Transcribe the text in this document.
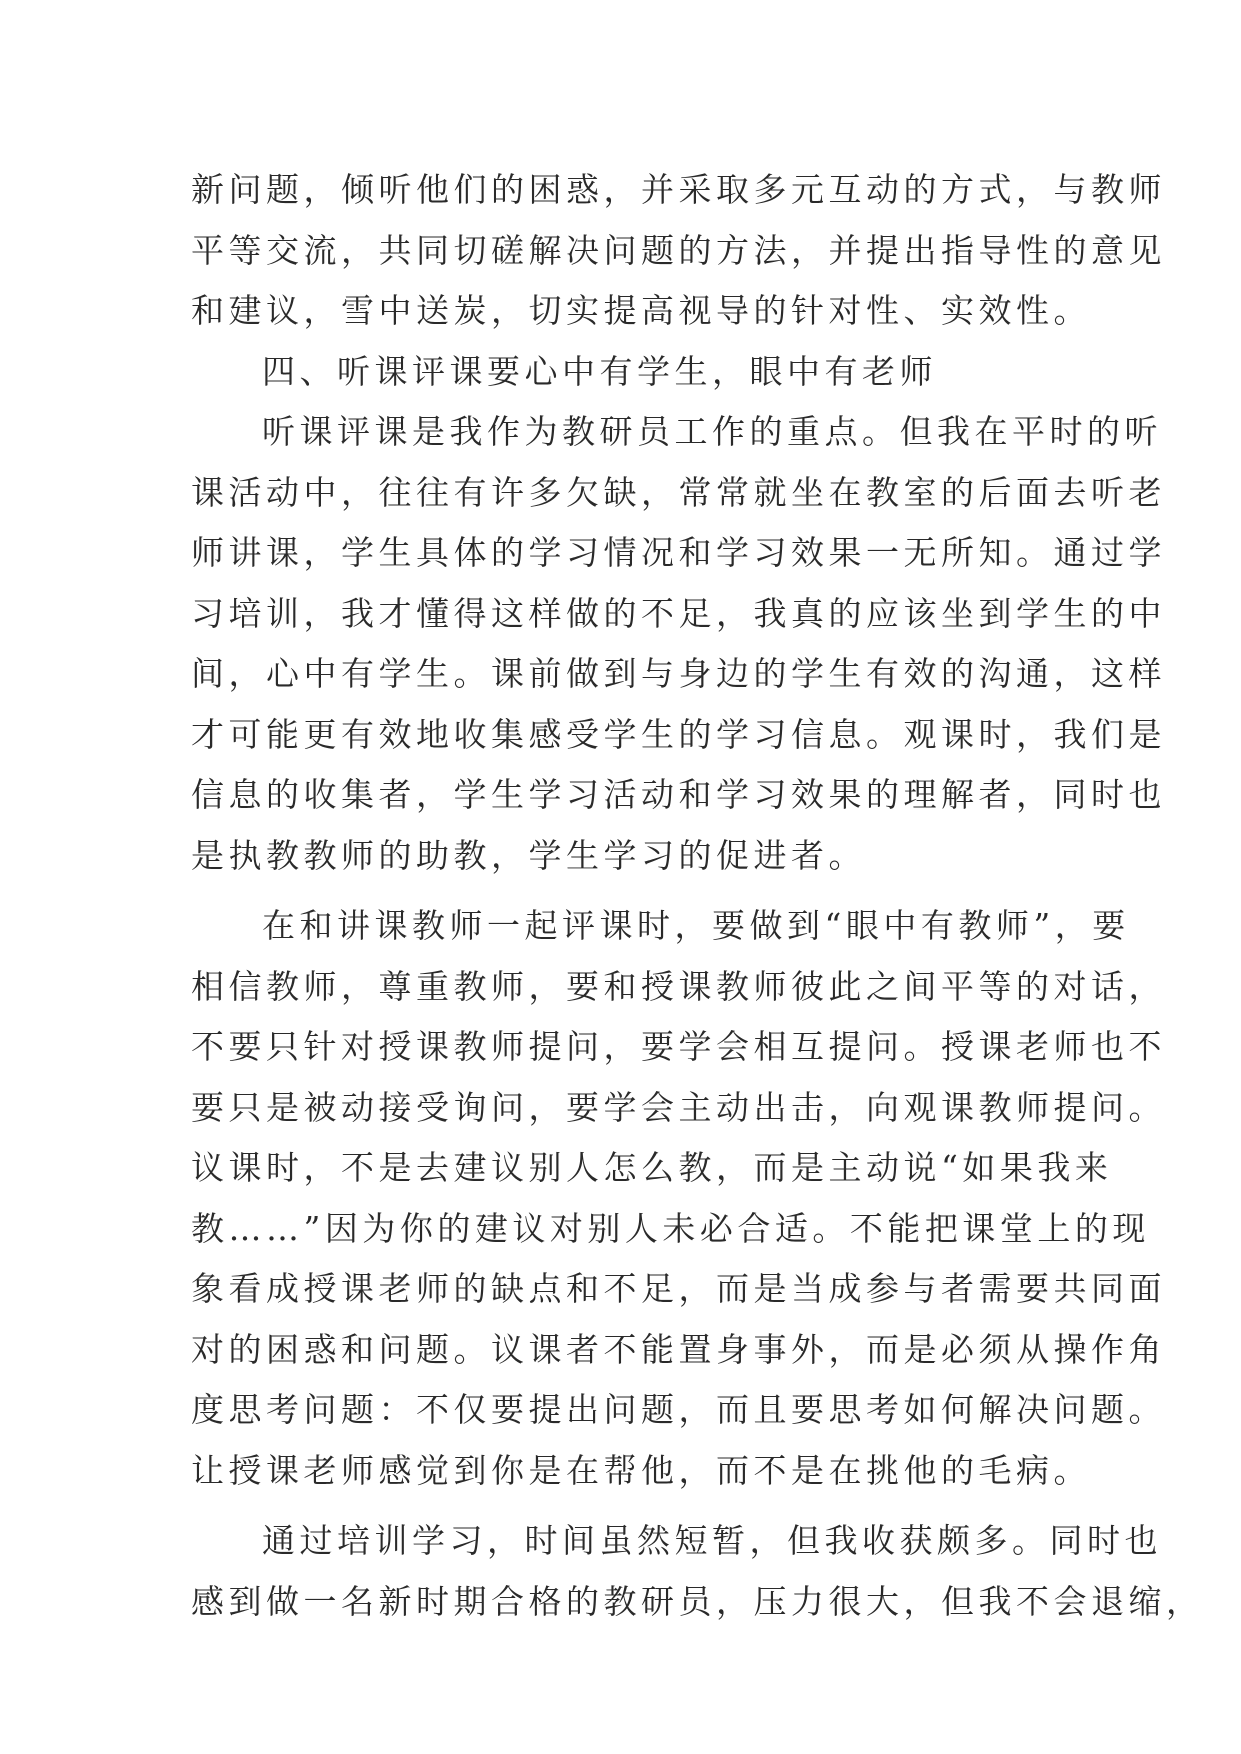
新问题，倾听他们的困惑，并采取多元互动的方式，与教师
平等交流，共同切磋解决问题的方法，并提出指导性的意见
和建议，雪中送炭，切实提高视导的针对性、实效性。
四、听课评课要心中有学生，眼中有老师
听课评课是我作为教研员工作的重点。但我在平时的听
课活动中，往往有许多欠缺，常常就坐在教室的后面去听老
师讲课，学生具体的学习情况和学习效果一无所知。通过学
习培训，我才懂得这样做的不足，我真的应该坐到学生的中
间，心中有学生。课前做到与身边的学生有效的沟通，这样
才可能更有效地收集感受学生的学习信息。观课时，我们是
信息的收集者，学生学习活动和学习效果的理解者，同时也
是执教教师的助教，学生学习的促进者。
在和讲课教师一起评课时，要做到“眼中有教师”，要
相信教师，尊重教师，要和授课教师彼此之间平等的对话，
不要只针对授课教师提问，要学会相互提问。授课老师也不
要只是被动接受询问，要学会主动出击，向观课教师提问。
议课时，不是去建议别人怎么教，而是主动说“如果我来
教……”因为你的建议对别人未必合适。不能把课堂上的现
象看成授课老师的缺点和不足，而是当成参与者需要共同面
对的困惑和问题。议课者不能置身事外，而是必须从操作角
度思考问题：不仅要提出问题，而且要思考如何解决问题。
让授课老师感觉到你是在帮他，而不是在挑他的毛病。
通过培训学习，时间虽然短暂，但我收获颇多。同时也
感到做一名新时期合格的教研员，压力很大，但我不会退缩，
